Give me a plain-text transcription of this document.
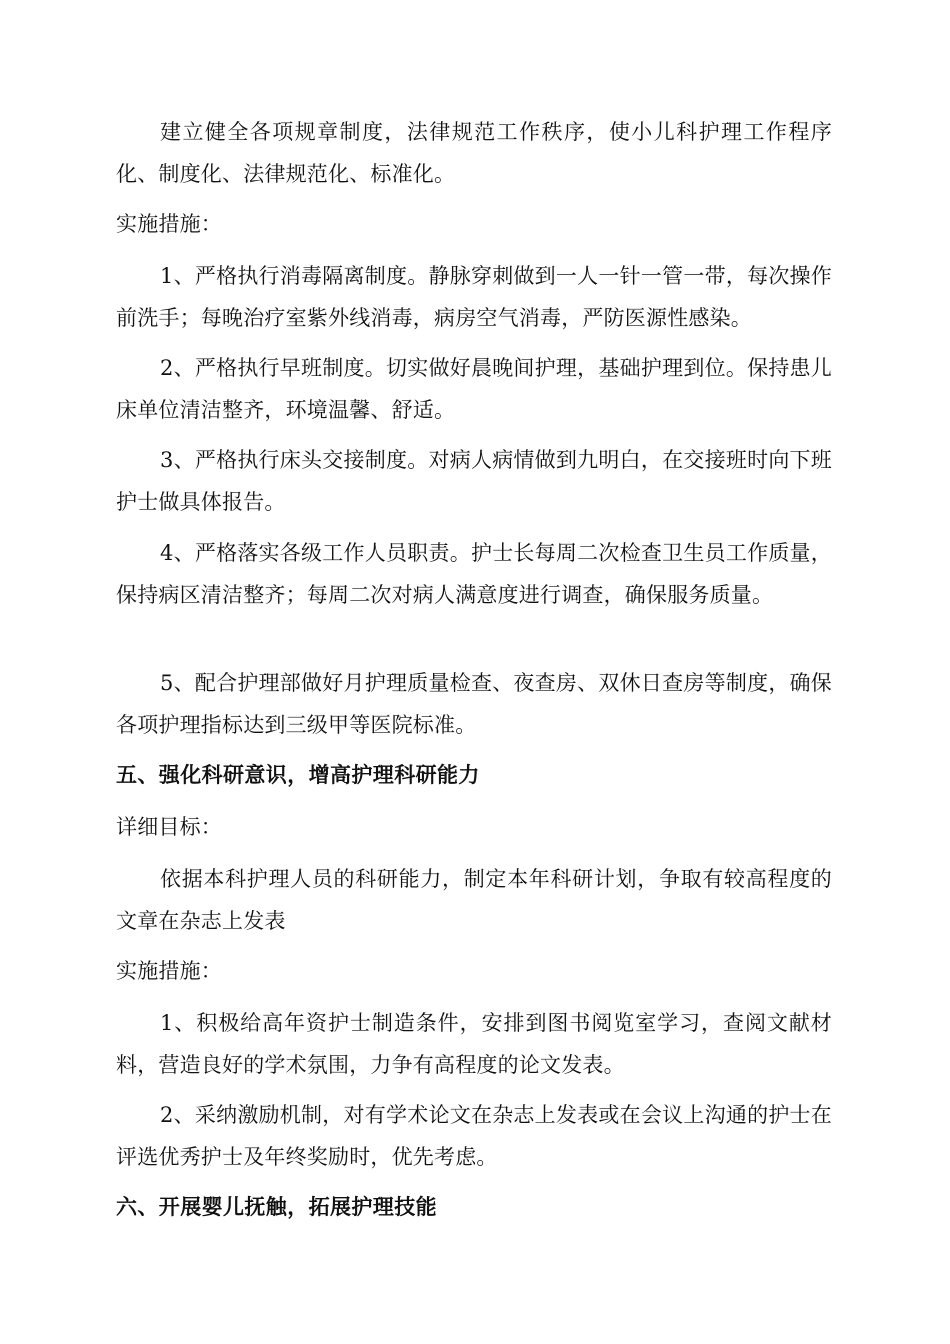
建立健全各项规章制度，法律规范工作秩序，使小儿科护理工作程序化、制度化、法律规范化、标准化。

实施措施：

1、严格执行消毒隔离制度。静脉穿刺做到一人一针一管一带，每次操作前洗手；每晚治疗室紫外线消毒，病房空气消毒，严防医源性感染。

2、严格执行早班制度。切实做好晨晚间护理，基础护理到位。保持患儿床单位清洁整齐，环境温馨、舒适。

3、严格执行床头交接制度。对病人病情做到九明白，在交接班时向下班护士做具体报告。

4、严格落实各级工作人员职责。护士长每周二次检查卫生员工作质量，保持病区清洁整齐；每周二次对病人满意度进行调查，确保服务质量。

5、配合护理部做好月护理质量检查、夜查房、双休日查房等制度，确保各项护理指标达到三级甲等医院标准。

五、强化科研意识，增高护理科研能力

详细目标：

依据本科护理人员的科研能力，制定本年科研计划，争取有较高程度的文章在杂志上发表

实施措施：

1、积极给高年资护士制造条件，安排到图书阅览室学习，查阅文献材料，营造良好的学术氛围，力争有高程度的论文发表。

2、采纳激励机制，对有学术论文在杂志上发表或在会议上沟通的护士在评选优秀护士及年终奖励时，优先考虑。

六、开展婴儿抚触，拓展护理技能
